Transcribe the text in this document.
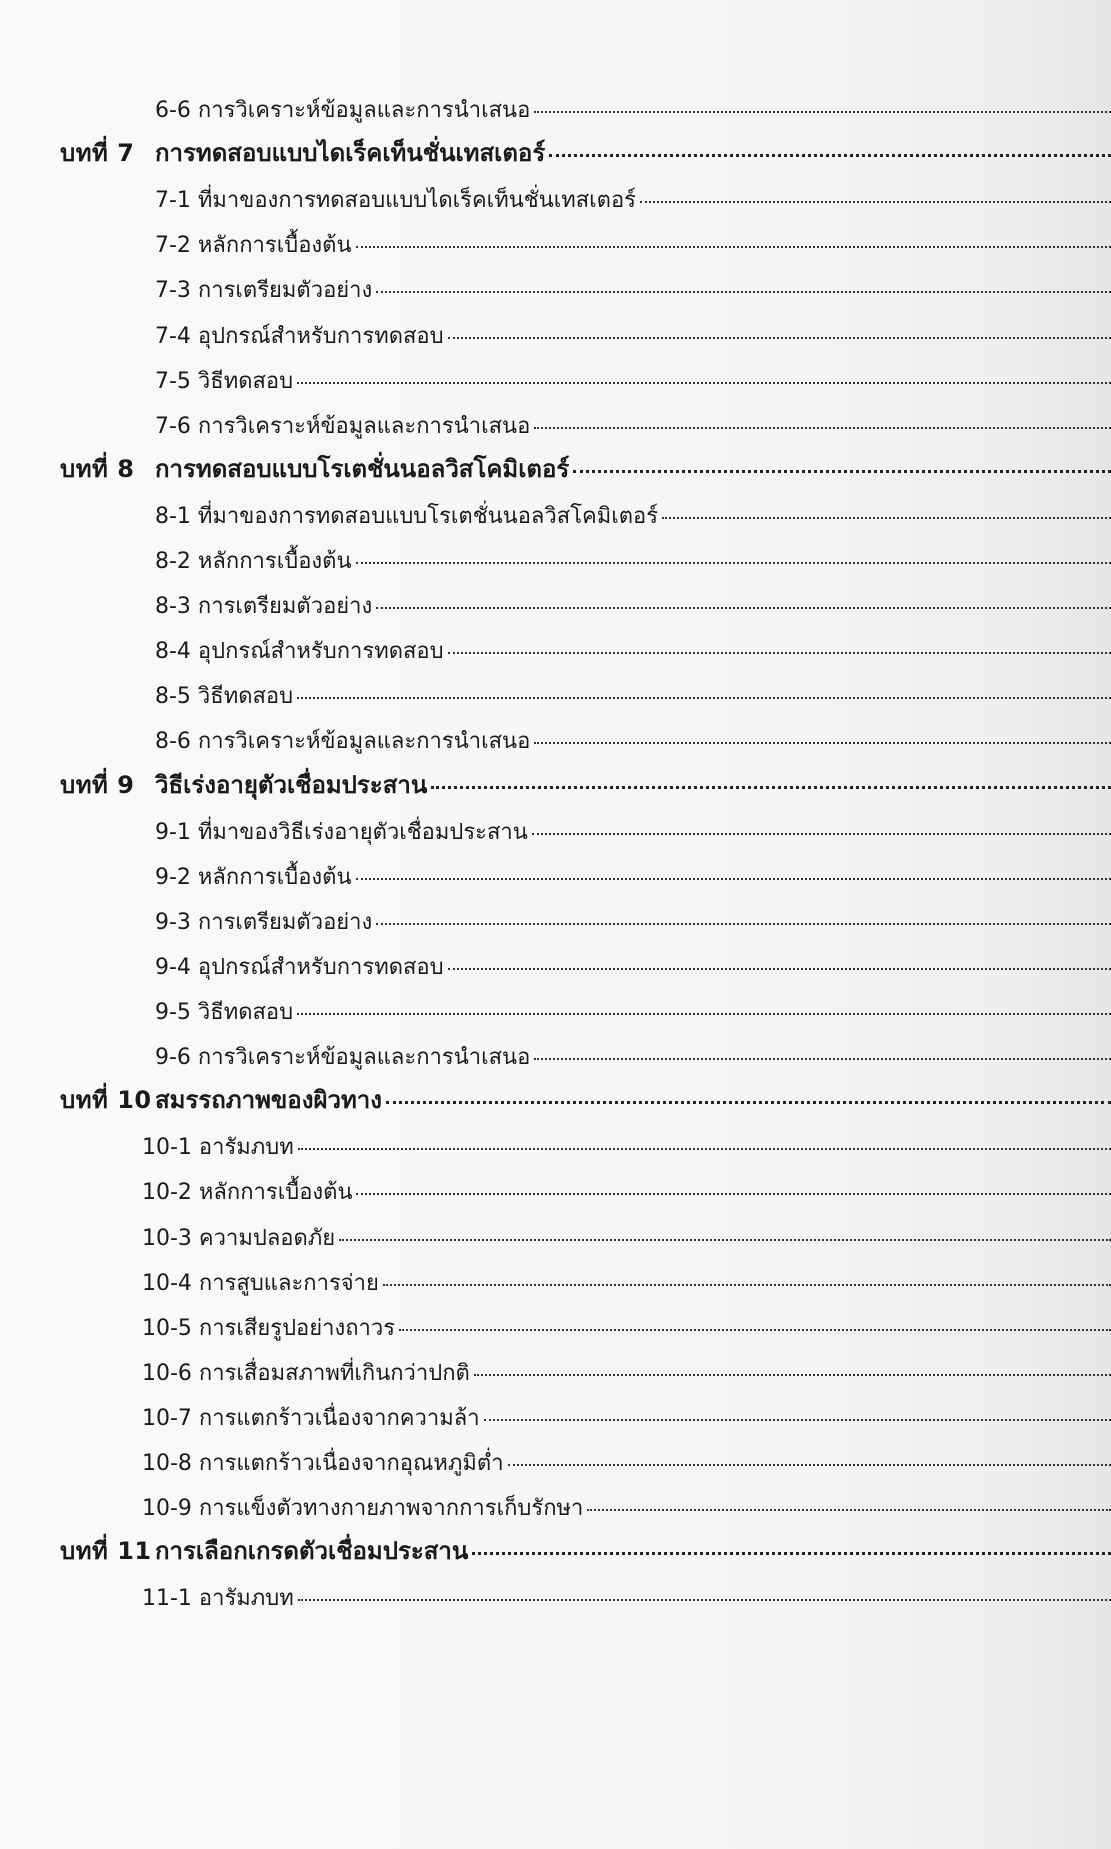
6-6 การวิเคราะห์ข้อมูลและการนำเสนอ
บทที่ 7 การทดสอบแบบไดเร็คเท็นชั่นเทสเตอร์
7-1 ที่มาของการทดสอบแบบไดเร็คเท็นชั่นเทสเตอร์
7-2 หลักการเบื้องต้น
7-3 การเตรียมตัวอย่าง
7-4 อุปกรณ์สำหรับการทดสอบ
7-5 วิธีทดสอบ
7-6 การวิเคราะห์ข้อมูลและการนำเสนอ
บทที่ 8 การทดสอบแบบโรเตชั่นนอลวิสโคมิเตอร์
8-1 ที่มาของการทดสอบแบบโรเตชั่นนอลวิสโคมิเตอร์
8-2 หลักการเบื้องต้น
8-3 การเตรียมตัวอย่าง
8-4 อุปกรณ์สำหรับการทดสอบ
8-5 วิธีทดสอบ
8-6 การวิเคราะห์ข้อมูลและการนำเสนอ
บทที่ 9 วิธีเร่งอายุตัวเชื่อมประสาน
9-1 ที่มาของวิธีเร่งอายุตัวเชื่อมประสาน
9-2 หลักการเบื้องต้น
9-3 การเตรียมตัวอย่าง
9-4 อุปกรณ์สำหรับการทดสอบ
9-5 วิธีทดสอบ
9-6 การวิเคราะห์ข้อมูลและการนำเสนอ
บทที่ 10 สมรรถภาพของผิวทาง
10-1 อารัมภบท
10-2 หลักการเบื้องต้น
10-3 ความปลอดภัย
10-4 การสูบและการจ่าย
10-5 การเสียรูปอย่างถาวร
10-6 การเสื่อมสภาพที่เกินกว่าปกติ
10-7 การแตกร้าวเนื่องจากความล้า
10-8 การแตกร้าวเนื่องจากอุณหภูมิต่ำ
10-9 การแข็งตัวทางกายภาพจากการเก็บรักษา
บทที่ 11 การเลือกเกรดตัวเชื่อมประสาน
11-1 อารัมภบท
